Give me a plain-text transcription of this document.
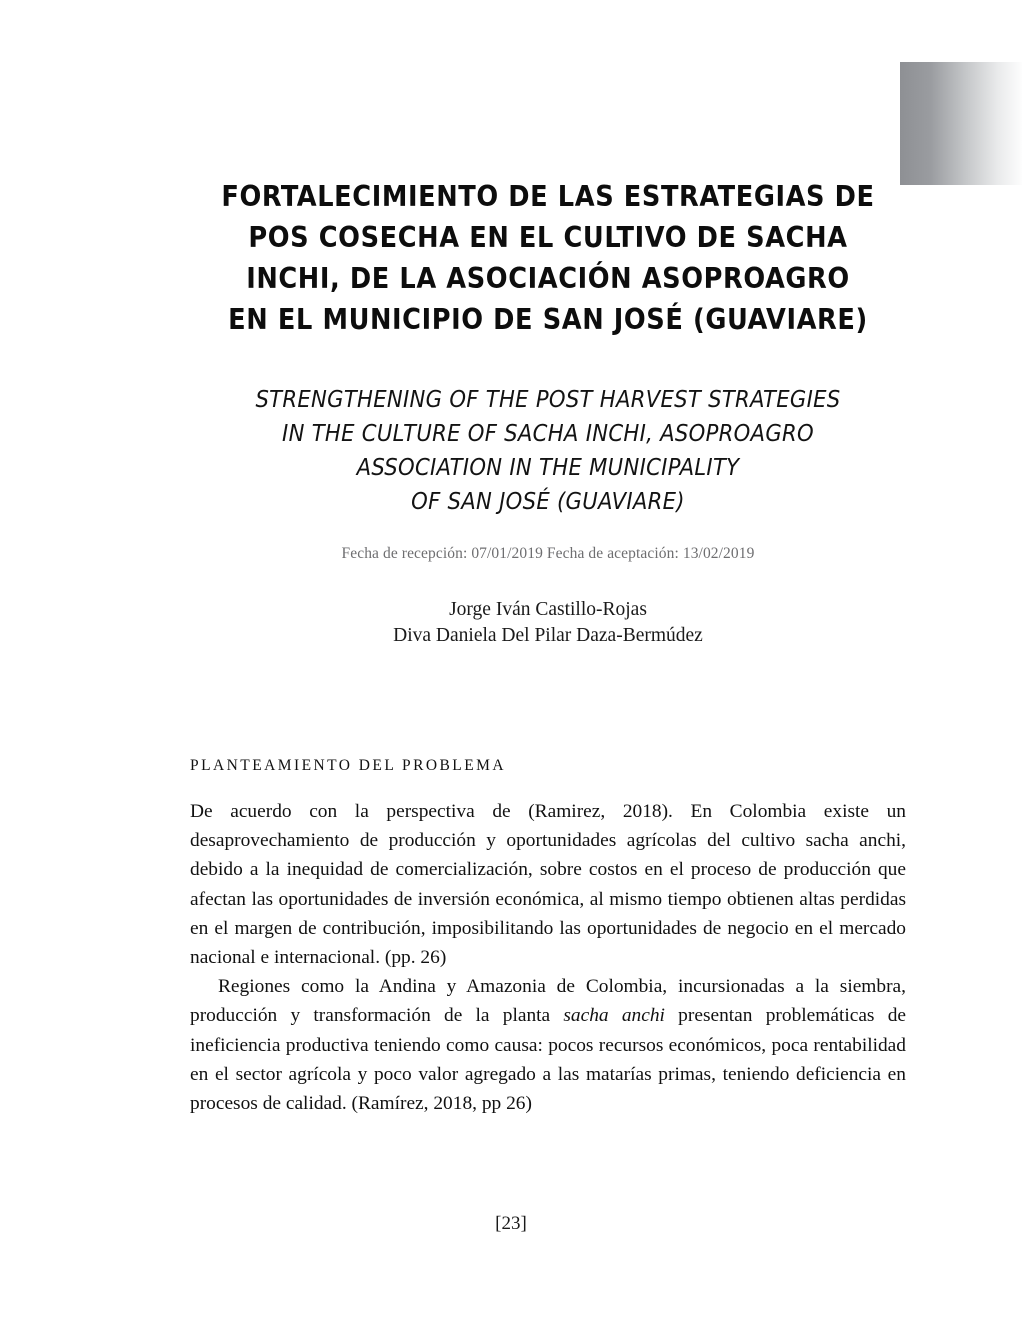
FORTALECIMIENTO DE LAS ESTRATEGIAS DE
POS COSECHA EN EL CULTIVO DE SACHA
INCHI, DE LA ASOCIACIÓN ASOPROAGRO
EN EL MUNICIPIO DE SAN JOSÉ (GUAVIARE)
STRENGTHENING OF THE POST HARVEST STRATEGIES
IN THE CULTURE OF SACHA INCHI, ASOPROAGRO
ASSOCIATION IN THE MUNICIPALITY
OF SAN JOSÉ (GUAVIARE)

Fecha de recepción: 07/01/2019 Fecha de aceptación: 13/02/2019

Jorge Iván Castillo-Rojas
Diva Daniela Del Pilar Daza-Bermúdez
PLANTEAMIENTO DEL PROBLEMA

De acuerdo con la perspectiva de (Ramirez, 2018). En Colombia existe un desaprovechamiento de producción y oportunidades agrícolas del cultivo sacha anchi, debido a la inequidad de comercialización, sobre costos en el proceso de producción que afectan las oportunidades de inversión económica, al mismo tiempo obtienen altas perdidas en el margen de contribución, imposibilitando las oportunidades de negocio en el mercado nacional e internacional. (pp. 26)

Regiones como la Andina y Amazonia de Colombia, incursionadas a la siembra, producción y transformación de la planta sacha anchi presentan problemáticas de ineficiencia productiva teniendo como causa: pocos recursos económicos, poca rentabilidad en el sector agrícola y poco valor agregado a las matarías primas, teniendo deficiencia en procesos de calidad. (Ramírez, 2018, pp 26)

[23]
